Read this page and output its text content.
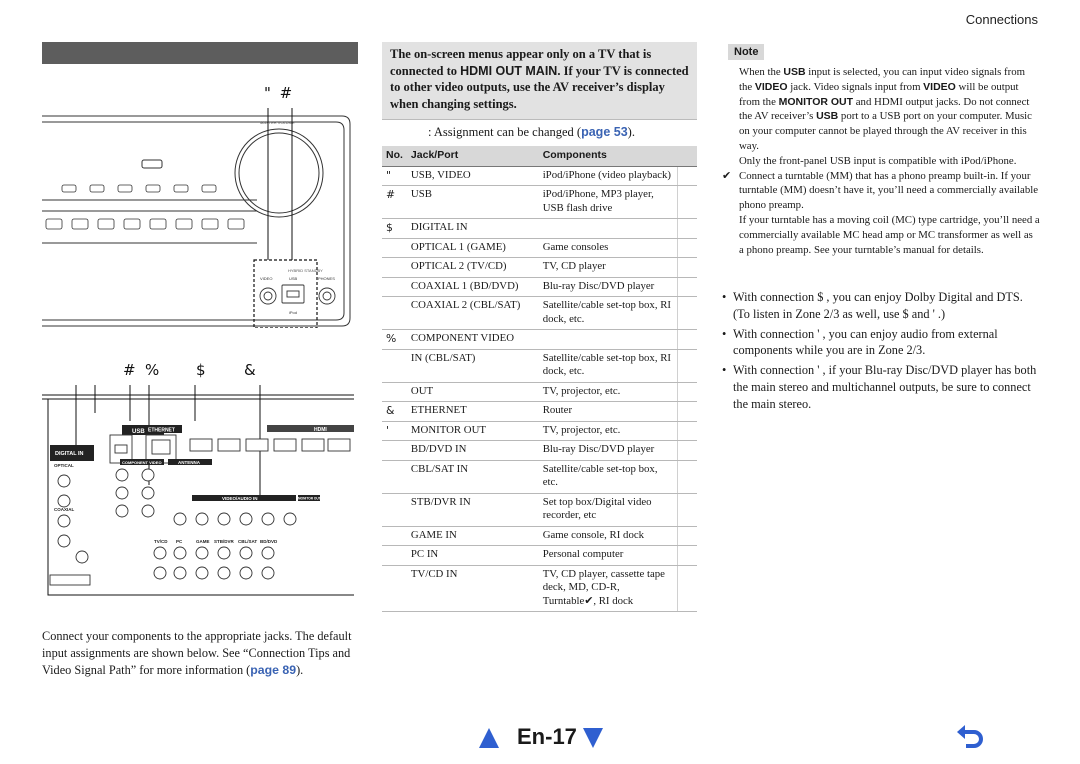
Connections
" #
MASTER VOLUME
HYBRID STANDBY
VIDEO	USB
iPod
PHONES
# % $ &
USB ETHERNET	HDMI
DIGITAL IN
OPTICAL
COAXIAL
COMPONENT VIDEO	ANTENNA
VIDEO/AUDIO IN	MONITOR OUT
TV/CD PC	GAME STB/DVR CBL/SAT BD/DVD
Connect your components to the appropriate jacks. The default input assignments are shown below. See “Connection Tips and Video Signal Path” for more information (page 89).
The on-screen menus appear only on a TV that is connected to HDMI OUT MAIN. If your TV is connected to other video outputs, use the AV receiver’s display when changing settings.
: Assignment can be changed (page 53).
No.	Jack/Port	Components	
"	USB, VIDEO	iPod/iPhone (video playback)	
#	USB	iPod/iPhone, MP3 player, USB flash drive	
$	DIGITAL IN		
	OPTICAL 1 (GAME)	Game consoles	
	OPTICAL 2 (TV/CD)	TV, CD player	
	COAXIAL 1 (BD/DVD)	Blu-ray Disc/DVD player	
	COAXIAL 2 (CBL/SAT)	Satellite/cable set-top box, RI dock, etc.	
%	COMPONENT VIDEO		
	IN (CBL/SAT)	Satellite/cable set-top box, RI dock, etc.	
	OUT	TV, projector, etc.	
&	ETHERNET	Router	
'	MONITOR OUT	TV, projector, etc.	
	BD/DVD IN	Blu-ray Disc/DVD player	
	CBL/SAT IN	Satellite/cable set-top box, etc.	
	STB/DVR IN	Set top box/Digital video recorder, etc	
	GAME IN	Game console, RI dock	
	PC IN	Personal computer	
	TV/CD IN	TV, CD player, cassette tape deck, MD, CD-R, Turntable✔, RI dock	
Note

When the USB input is selected, you can input video signals from the VIDEO jack. Video signals input from VIDEO will be output from the MONITOR OUT and HDMI output jacks. Do not connect the AV receiver’s USB port to a USB port on your computer. Music on your computer cannot be played through the AV receiver in this way.

Only the front-panel USB input is compatible with iPod/iPhone.

✔ Connect a turntable (MM) that has a phono preamp built-in. If your turntable (MM) doesn’t have it, you’ll need a commercially available phono preamp.

If your turntable has a moving coil (MC) type cartridge, you’ll need a commercially available MC head amp or MC transformer as well as a phono preamp. See your turntable’s manual for details.

• With connection $ , you can enjoy Dolby Digital and DTS. (To listen in Zone 2/3 as well, use $ and ' .)

• With connection ' , you can enjoy audio from external components while you are in Zone 2/3.

• With connection ' , if your Blu-ray Disc/DVD player has both the main stereo and multichannel outputs, be sure to connect the main stereo.

En-17
